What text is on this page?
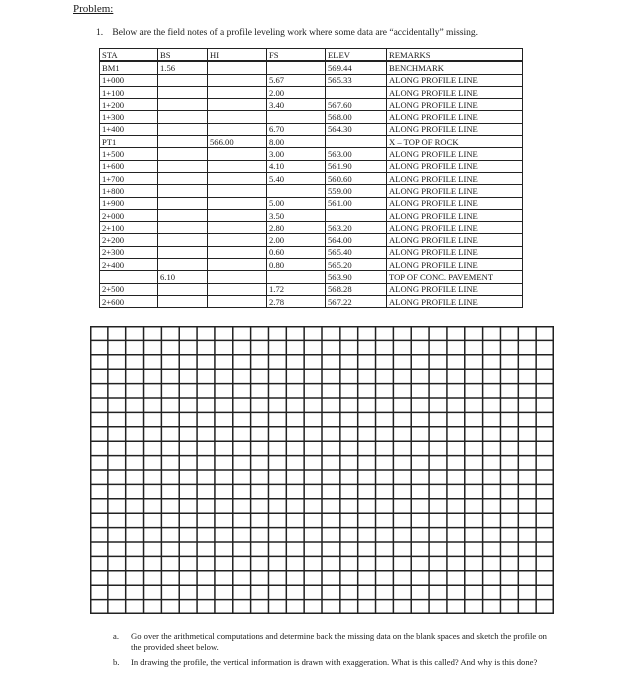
Problem:
1. Below are the field notes of a profile leveling work where some data are “accidentally” missing.
STA	BS	HI	FS	ELEV	REMARKS
BM1	1.56			569.44	BENCHMARK
1+000			5.67	565.33	ALONG PROFILE LINE
1+100			2.00		ALONG PROFILE LINE
1+200			3.40	567.60	ALONG PROFILE LINE
1+300				568.00	ALONG PROFILE LINE
1+400			6.70	564.30	ALONG PROFILE LINE
PT1		566.00	8.00		X – TOP OF ROCK
1+500			3.00	563.00	ALONG PROFILE LINE
1+600			4.10	561.90	ALONG PROFILE LINE
1+700			5.40	560.60	ALONG PROFILE LINE
1+800				559.00	ALONG PROFILE LINE
1+900			5.00	561.00	ALONG PROFILE LINE
2+000			3.50		ALONG PROFILE LINE
2+100			2.80	563.20	ALONG PROFILE LINE
2+200			2.00	564.00	ALONG PROFILE LINE
2+300			0.60	565.40	ALONG PROFILE LINE
2+400			0.80	565.20	ALONG PROFILE LINE
	6.10			563.90	TOP OF CONC. PAVEMENT
2+500			1.72	568.28	ALONG PROFILE LINE
2+600			2.78	567.22	ALONG PROFILE LINE
a. Go over the arithmetical computations and determine back the missing data on the blank spaces and sketch the profile on the provided sheet below.
b. In drawing the profile, the vertical information is drawn with exaggeration. What is this called? And why is this done?
